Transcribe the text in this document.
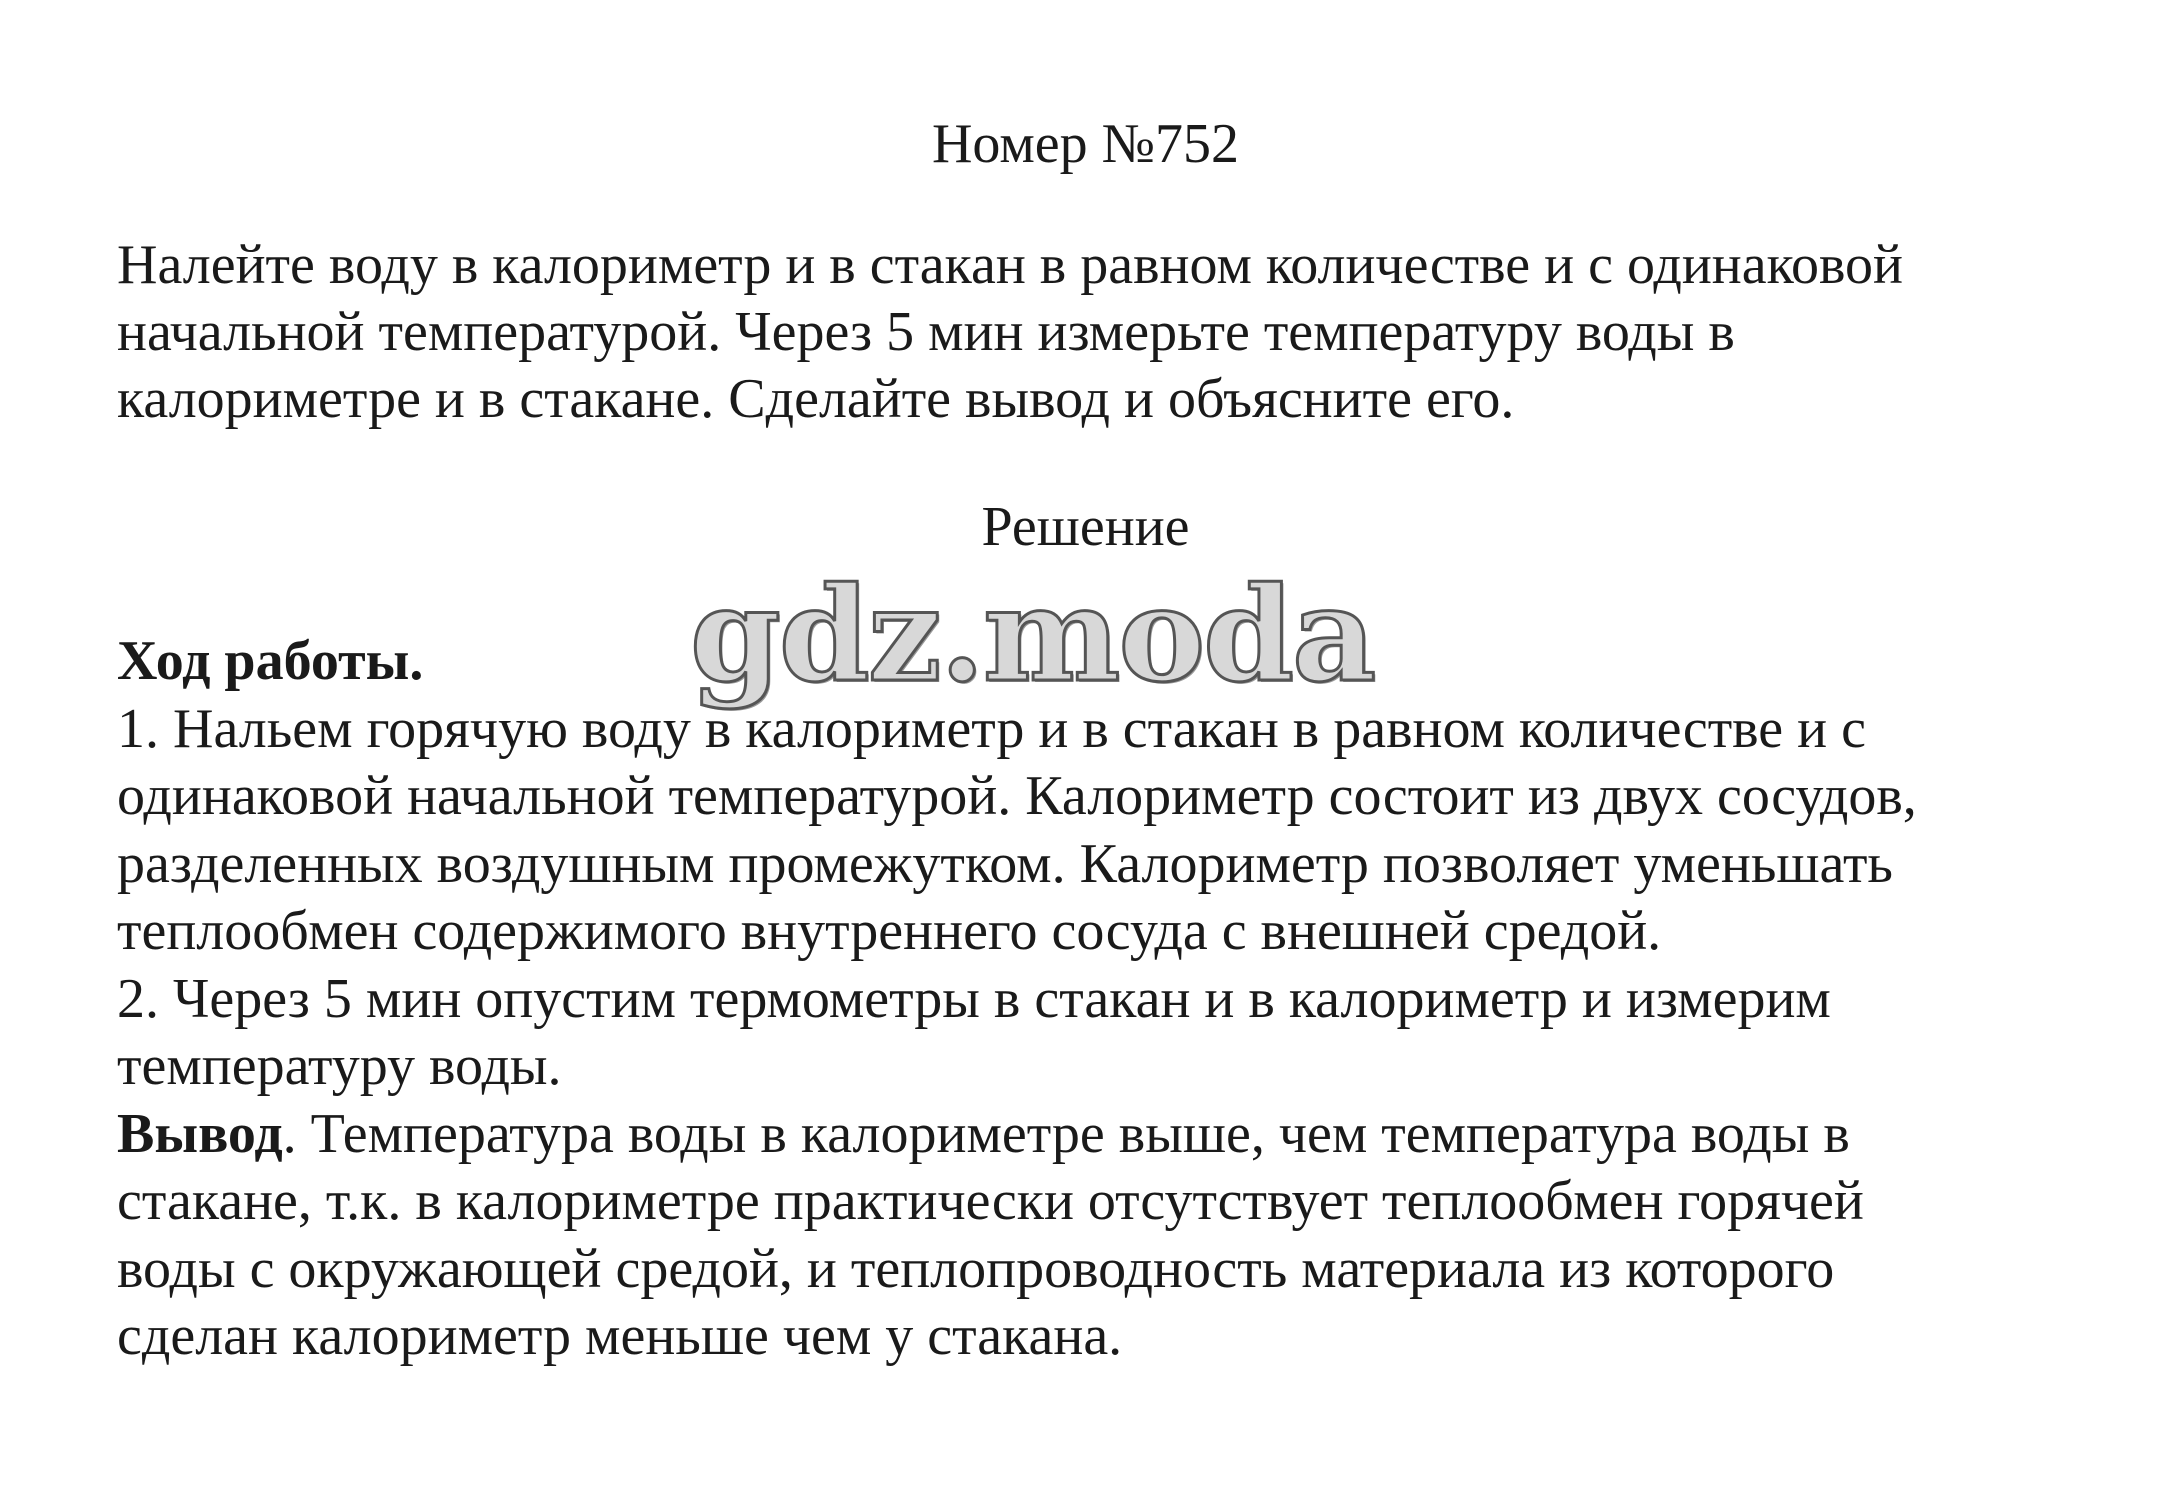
Номер №752
Налейте воду в калориметр и в стакан в равном количестве и с одинаковой
начальной температурой. Через 5 мин измерьте температуру воды в
калориметре и в стакане. Сделайте вывод и объясните его.
Решение
Ход работы.
1. Нальем горячую воду в калориметр и в стакан в равном количестве и с
одинаковой начальной температурой. Калориметр состоит из двух сосудов,
разделенных воздушным промежутком. Калориметр позволяет уменьшать
теплообмен содержимого внутреннего сосуда с внешней средой.
2. Через 5 мин опустим термометры в стакан и в калориметр и измерим
температуру воды.
Вывод. Температура воды в калориметре выше, чем температура воды в
стакане, т.к. в калориметре практически отсутствует теплообмен горячей
воды с окружающей средой, и теплопроводность материала из которого
сделан калориметр меньше чем у стакана.
gdz.moda
